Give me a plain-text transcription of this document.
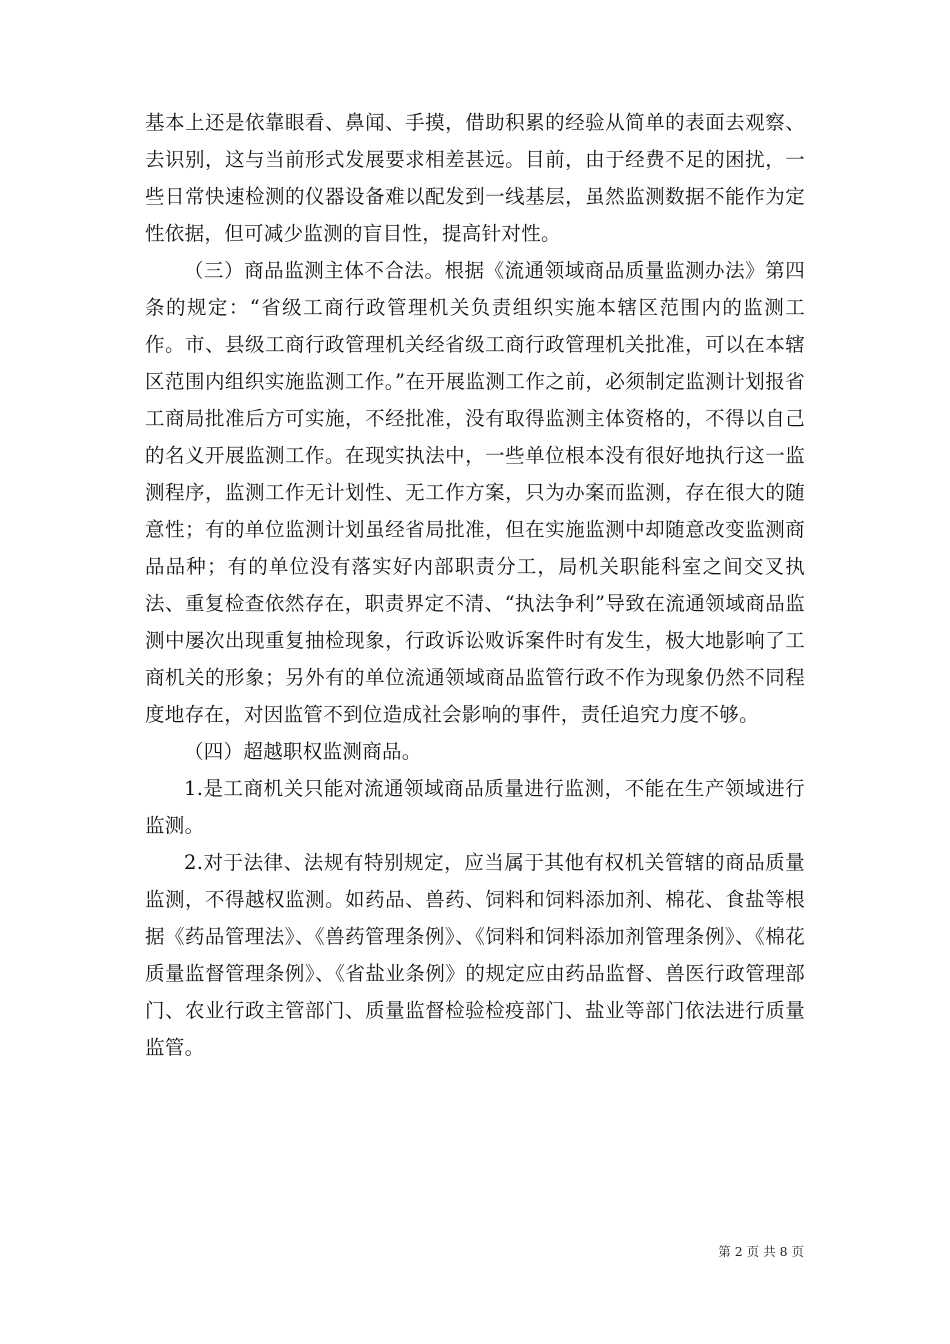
基本上还是依靠眼看、鼻闻、手摸，借助积累的经验从简单的表面去观察、去识别，这与当前形式发展要求相差甚远。目前，由于经费不足的困扰，一些日常快速检测的仪器设备难以配发到一线基层，虽然监测数据不能作为定性依据，但可减少监测的盲目性，提高针对性。

（三）商品监测主体不合法。根据《流通领域商品质量监测办法》第四条的规定：“省级工商行政管理机关负责组织实施本辖区范围内的监测工作。市、县级工商行政管理机关经省级工商行政管理机关批准，可以在本辖区范围内组织实施监测工作。”在开展监测工作之前，必须制定监测计划报省工商局批准后方可实施，不经批准，没有取得监测主体资格的，不得以自己的名义开展监测工作。在现实执法中，一些单位根本没有很好地执行这一监测程序，监测工作无计划性、无工作方案，只为办案而监测，存在很大的随意性；有的单位监测计划虽经省局批准，但在实施监测中却随意改变监测商品品种；有的单位没有落实好内部职责分工，局机关职能科室之间交叉执法、重复检查依然存在，职责界定不清、“执法争利”导致在流通领域商品监测中屡次出现重复抽检现象，行政诉讼败诉案件时有发生，极大地影响了工商机关的形象；另外有的单位流通领域商品监管行政不作为现象仍然不同程度地存在，对因监管不到位造成社会影响的事件，责任追究力度不够。

（四）超越职权监测商品。

1.是工商机关只能对流通领域商品质量进行监测，不能在生产领域进行监测。

2.对于法律、法规有特别规定，应当属于其他有权机关管辖的商品质量监测，不得越权监测。如药品、兽药、饲料和饲料添加剂、棉花、食盐等根据《药品管理法》、《兽药管理条例》、《饲料和饲料添加剂管理条例》、《棉花质量监督管理条例》、《省盐业条例》的规定应由药品监督、兽医行政管理部门、农业行政主管部门、质量监督检验检疫部门、盐业等部门依法进行质量监管。

第 2 页 共 8 页
